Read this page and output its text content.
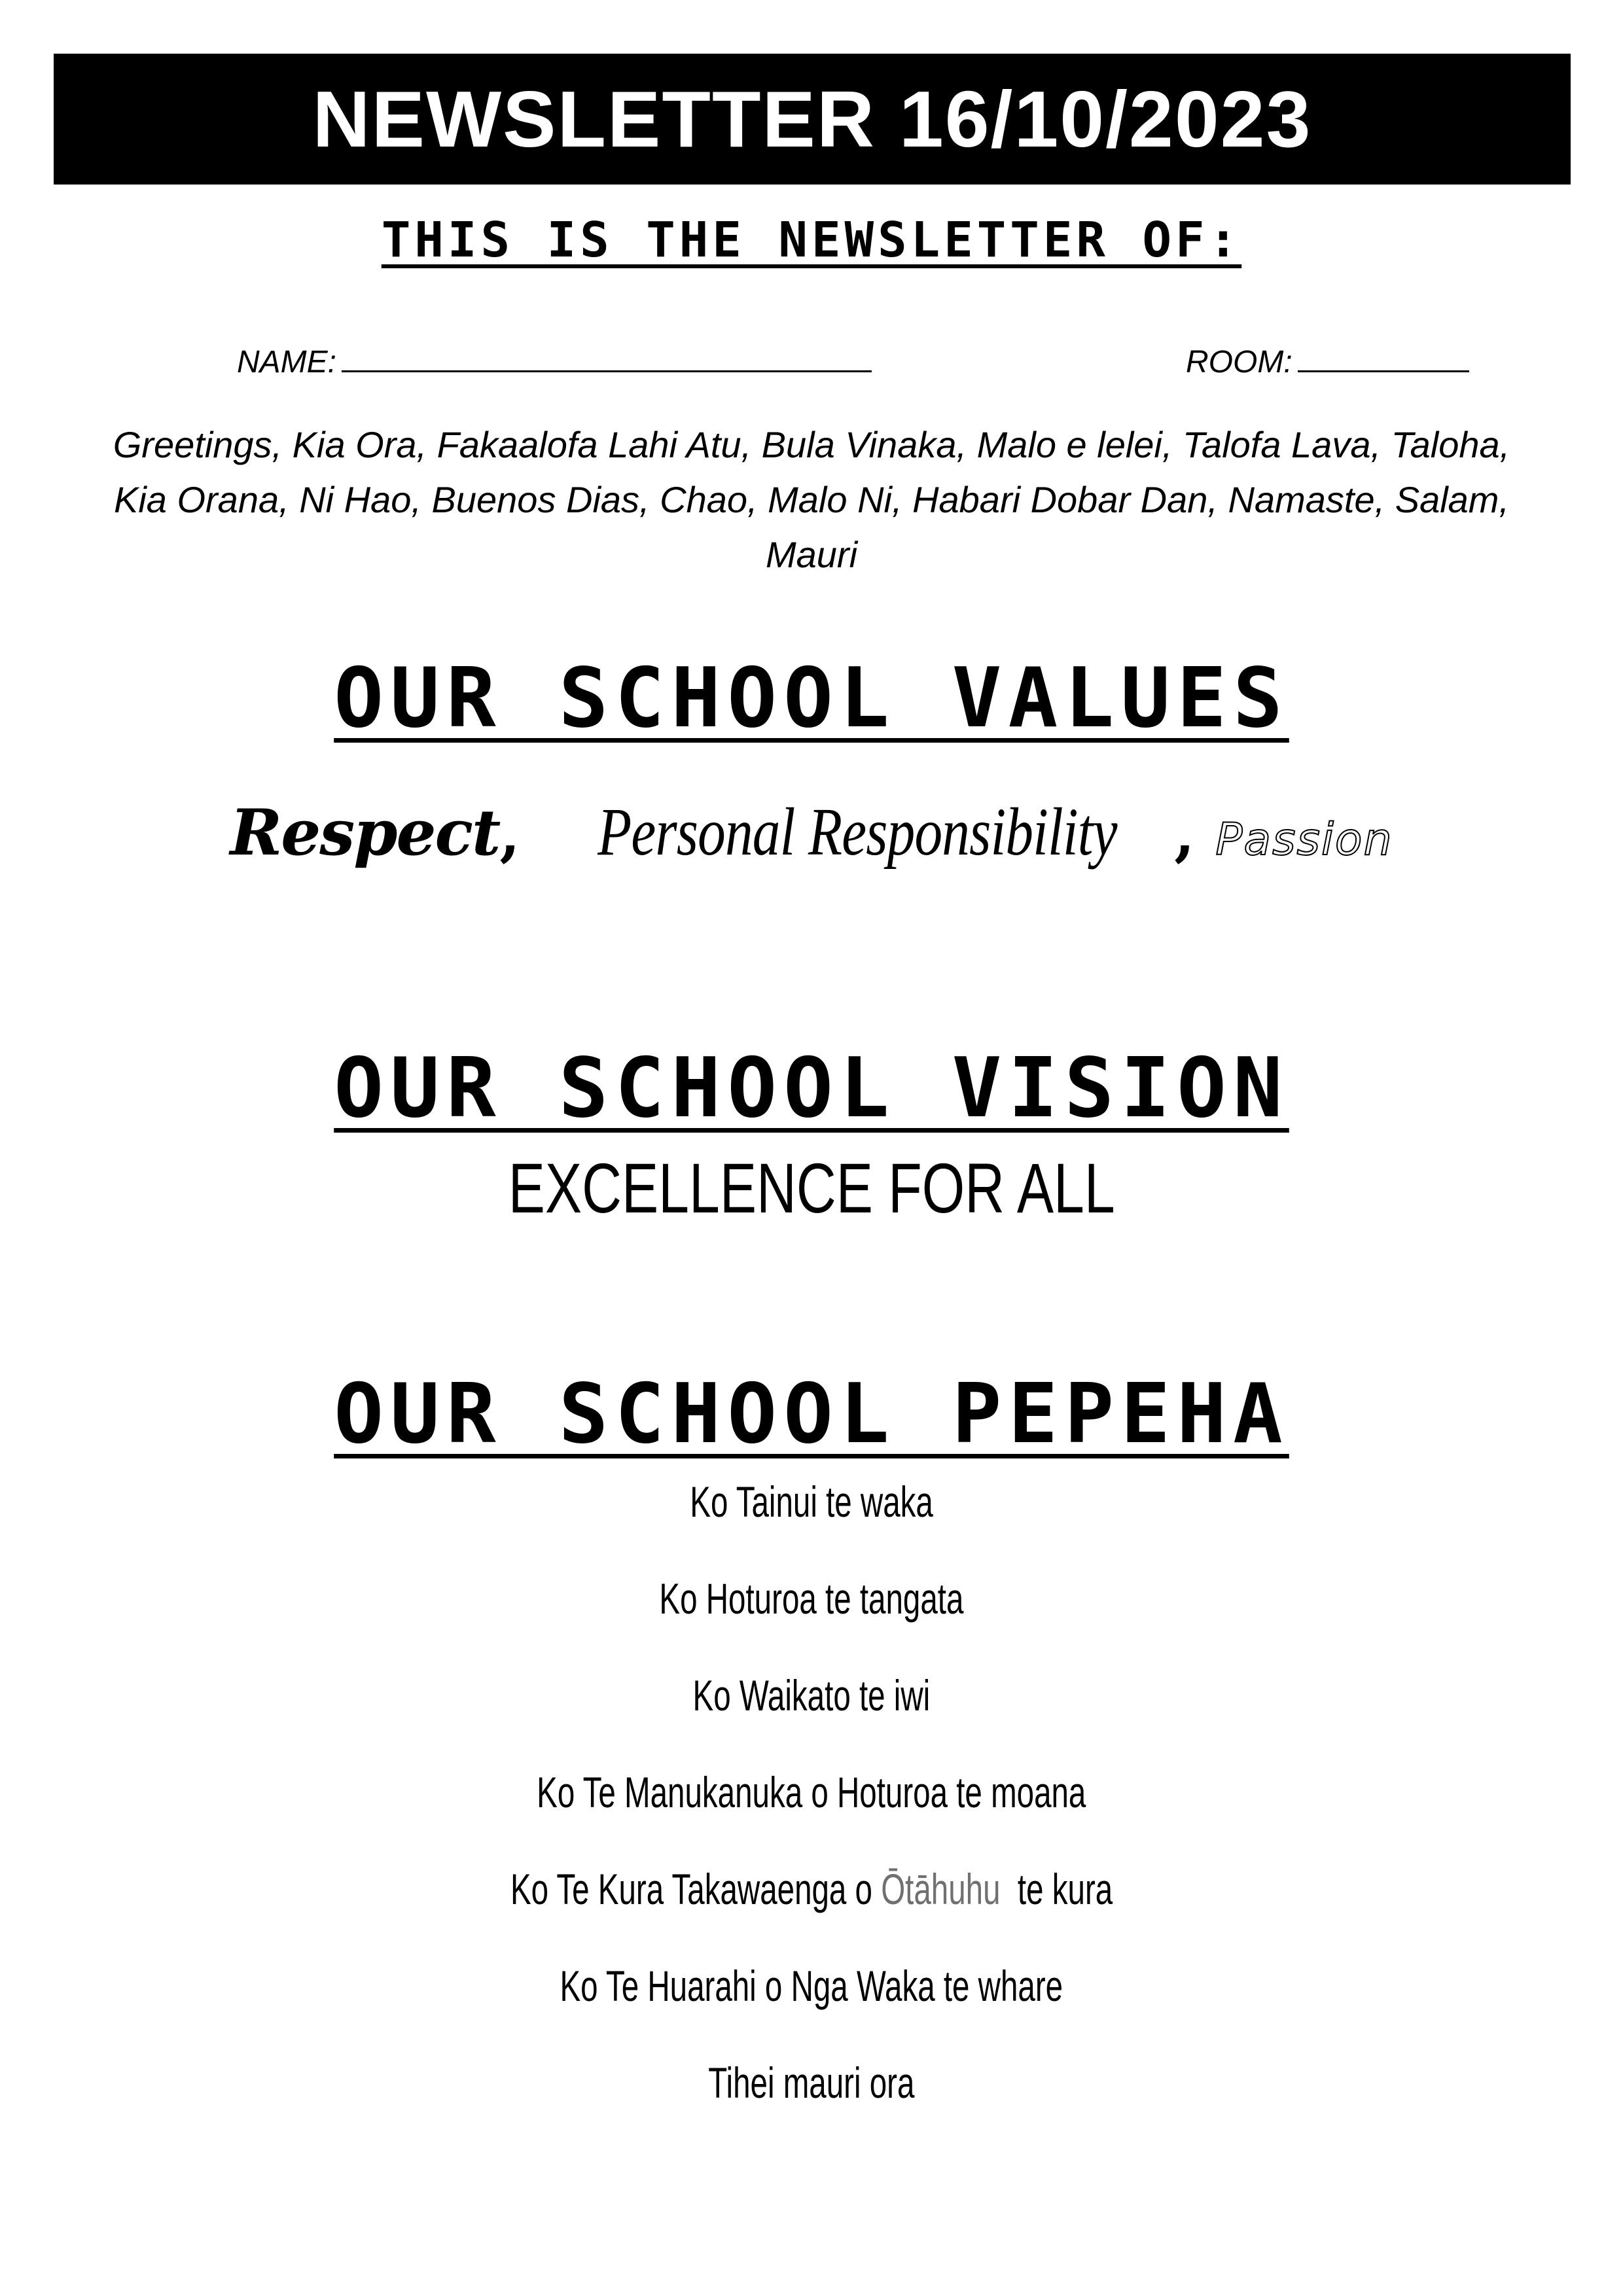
NEWSLETTER 16/10/2023
THIS IS THE NEWSLETTER OF:
NAME:	ROOM:
Greetings, Kia Ora, Fakaalofa Lahi Atu, Bula Vinaka, Malo e lelei, Talofa Lava, Taloha, Kia Orana, Ni Hao, Buenos Dias, Chao, Malo Ni, Habari Dobar Dan, Namaste, Salam, Mauri
OUR SCHOOL VALUES
Respect, Personal Responsibility , Passion
OUR SCHOOL VISION
EXCELLENCE FOR ALL
OUR SCHOOL PEPEHA
Ko Tainui te waka
Ko Hoturoa te tangata
Ko Waikato te iwi
Ko Te Manukanuka o Hoturoa te moana
Ko Te Kura Takawaenga o Ōtāhuhu  te kura
Ko Te Huarahi o Nga Waka te whare
Tihei mauri ora
